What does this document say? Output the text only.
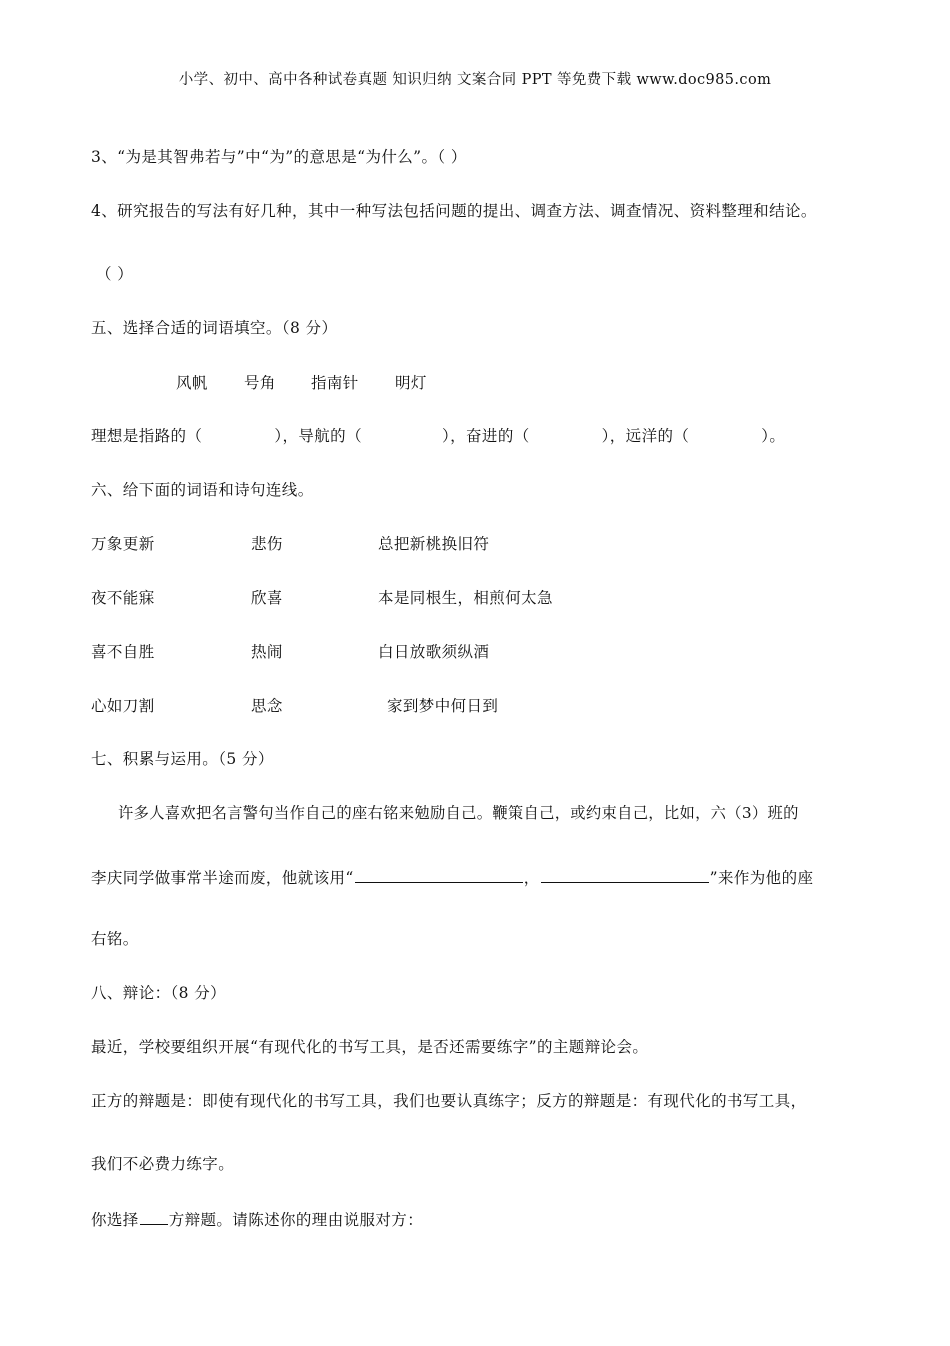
小学、初中、高中各种试卷真题 知识归纳 文案合同 PPT 等免费下载 www.doc985.com
3、“为是其智弗若与”中“为”的意思是“为什么”。（ ）
4、研究报告的写法有好几种，其中一种写法包括问题的提出、调查方法、调查情况、资料整理和结论。
（ ）
五、选择合适的词语填空。（8 分）
风帆 号角 指南针 明灯
理想是指路的（	），导航的（	），奋进的（	），远洋的（	）。
六、给下面的词语和诗句连线。
万象更新	悲伤	总把新桃换旧符
夜不能寐	欣喜	本是同根生，相煎何太急
喜不自胜	热闹	白日放歌须纵酒
心如刀割	思念	家到梦中何日到
七、积累与运用。（5 分）
许多人喜欢把名言警句当作自己的座右铭来勉励自己。鞭策自己，或约束自己，比如，六（3）班的
李庆同学做事常半途而废，他就该用“	，	”来作为他的座
右铭。
八、辩论：（8 分）
最近，学校要组织开展“有现代化的书写工具，是否还需要练字”的主题辩论会。
正方的辩题是：即使有现代化的书写工具，我们也要认真练字；反方的辩题是：有现代化的书写工具，
我们不必费力练字。
你选择 方辩题。请陈述你的理由说服对方：
